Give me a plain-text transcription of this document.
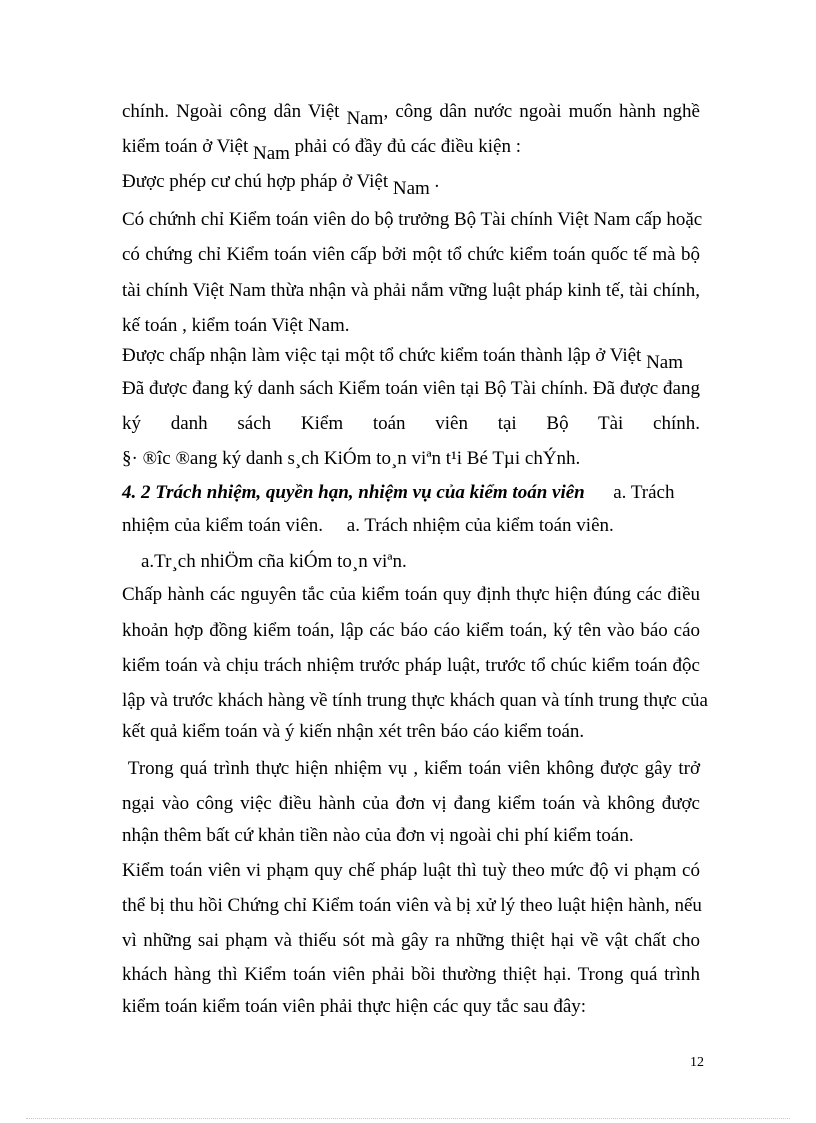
chính. Ngoài công dân Việt Nam, công dân nước ngoài muốn hành nghề
kiểm toán ở Việt Nam phải có đầy đủ các điều kiện :
Được phép cư chú hợp pháp ở Việt Nam .
Có chứnh chỉ Kiểm toán viên do bộ trưởng Bộ Tài chính Việt Nam cấp hoặc
có chứng chỉ Kiểm toán viên cấp bởi một tổ chức kiểm toán quốc tế mà bộ
tài chính Việt Nam thừa nhận và phải nắm vững luật pháp kinh tế, tài chính,
kế toán , kiểm toán Việt Nam.
Được chấp nhận làm việc tại một tổ chức kiểm toán thành lập ở Việt Nam
Đã được đang ký danh sách Kiểm toán viên tại Bộ Tài chính. Đã được đang
ký danh sách Kiểm toán viên tại Bộ Tài chính.
§· ®îc ®ang ký danh s¸ch KiÓm to¸n viªn t¹i Bé Tµi chÝnh.
4. 2 Trách nhiệm, quyền hạn, nhiệm vụ của kiểm toán viên      a. Trách
nhiệm của kiểm toán viên.     a. Trách nhiệm của kiểm toán viên.
a.Tr¸ch nhiÖm cña kiÓm to¸n viªn.
Chấp hành các nguyên tắc của kiểm toán quy định thực hiện đúng các điều
khoản hợp đồng kiểm toán, lập các báo cáo kiểm toán, ký tên vào báo cáo
kiểm toán và chịu trách nhiệm trước pháp luật, trước tổ chúc kiểm toán độc
lập và trước khách hàng về tính trung thực khách quan và tính trung thực của
kết quả kiểm toán và ý kiến nhận xét trên báo cáo kiểm toán.
Trong quá trình thực hiện nhiệm vụ , kiểm toán viên không được gây trở
ngại vào công việc điều hành của đơn vị đang kiểm toán và không được
nhận thêm bất cứ khản tiền nào của đơn vị ngoài chi phí kiểm toán.
Kiểm toán viên vi phạm quy chế pháp luật thì tuỳ theo mức độ vi phạm có
thể bị thu hồi Chứng chỉ Kiểm toán viên và bị xử lý theo luật hiện hành, nếu
vì những sai phạm và thiếu sót mà gây ra những thiệt hại về vật chất cho
khách hàng thì Kiểm toán viên phải bồi thường thiệt hại. Trong quá trình
kiểm toán kiểm toán viên phải thực hiện các quy tắc sau đây:
12
